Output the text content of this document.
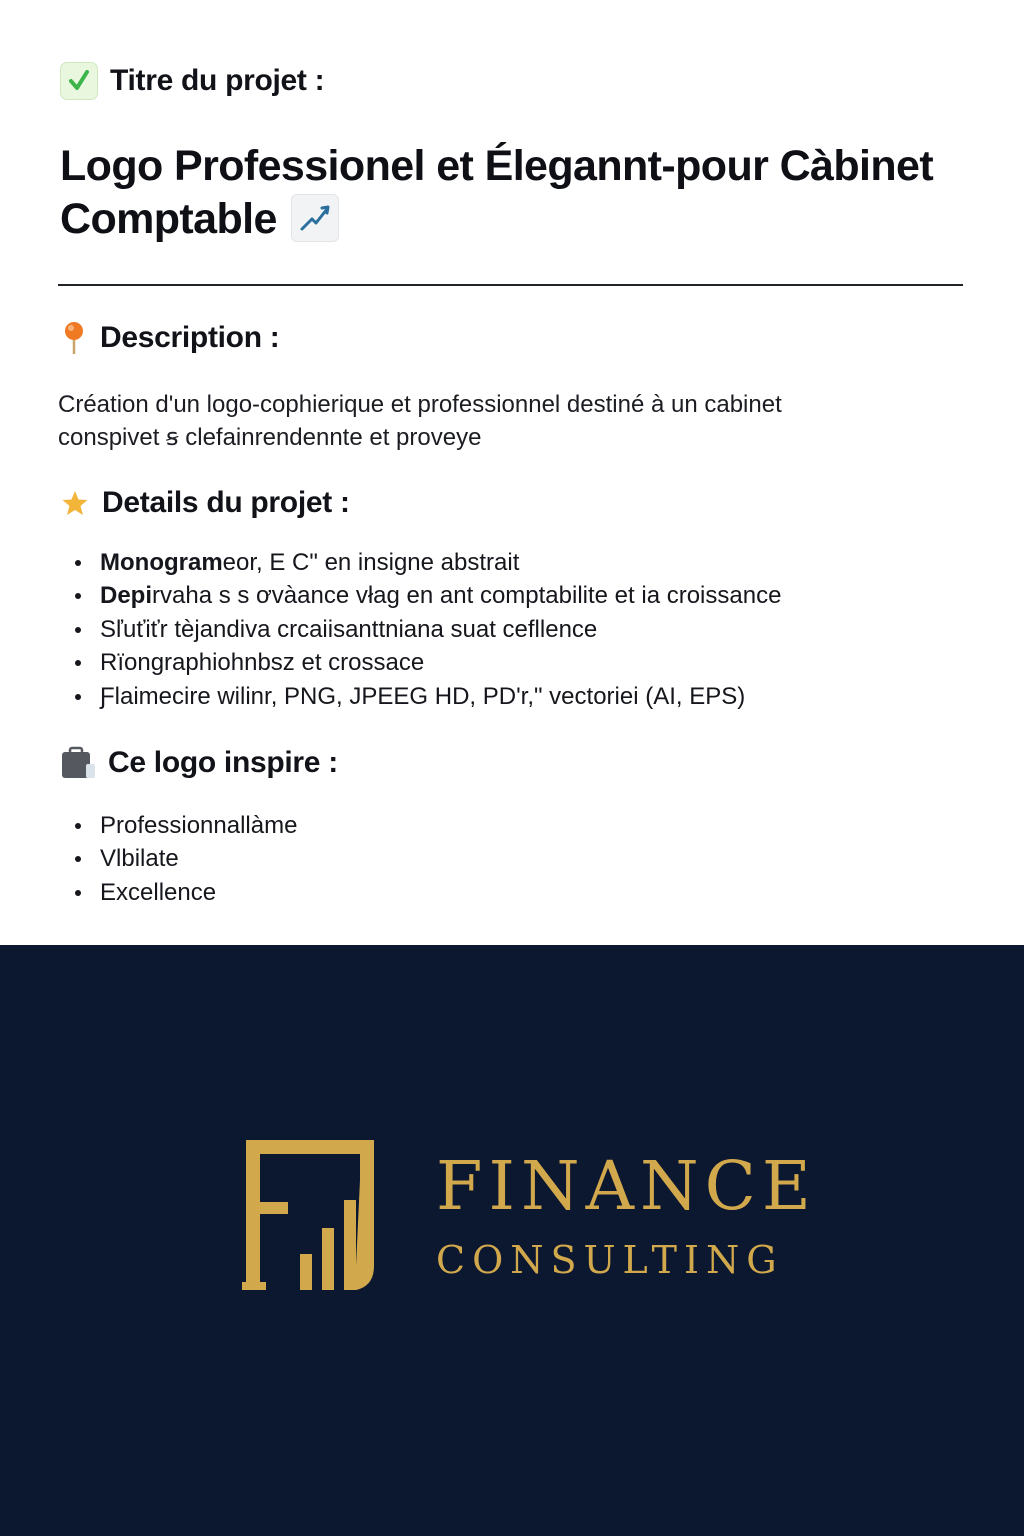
Titre du projet :
Logo Professionel et Élegannt-pour Càbinet Comptable
Description :
Création d'un logo-cophierique et professionnel destiné à un cabinet
conspivet ꞩ clefainrendennte et proveуe
Details du projet :
Monogrameor, E C" en insigne abstrait
Depirvaha s s ơvàance vłag en ant comptabilite et ia croissance
Sľuťiťr tèjandiva crcaiisanttniana suat cefllence
Rïongraphiohnbsz et crossace
Ƒlaimecire wilinr, PNG, JPEEG HD, PD'r," vectoriei (AI, EPS)
Ce logo inspire :
Professionnallàme
Vlbilate
Excellence
FINANCE
CONSULTING
